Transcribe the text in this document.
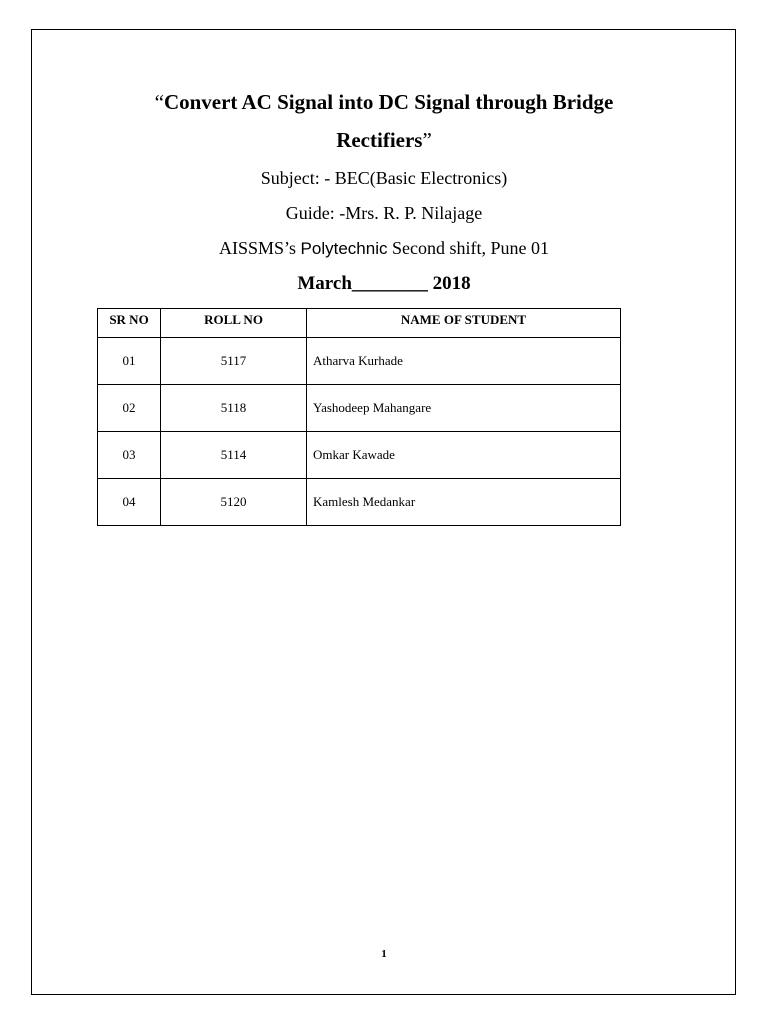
“Convert AC Signal into DC Signal through Bridge
Rectifiers”
Subject: - BEC(Basic Electronics)
Guide: -Mrs. R. P. Nilajage
AISSMS’s Polytechnic Second shift, Pune 01
March________ 2018
SR NO	ROLL NO	NAME OF STUDENT
01	5117	Atharva Kurhade
02	5118	Yashodeep Mahangare
03	5114	Omkar Kawade
04	5120	Kamlesh Medankar
1
